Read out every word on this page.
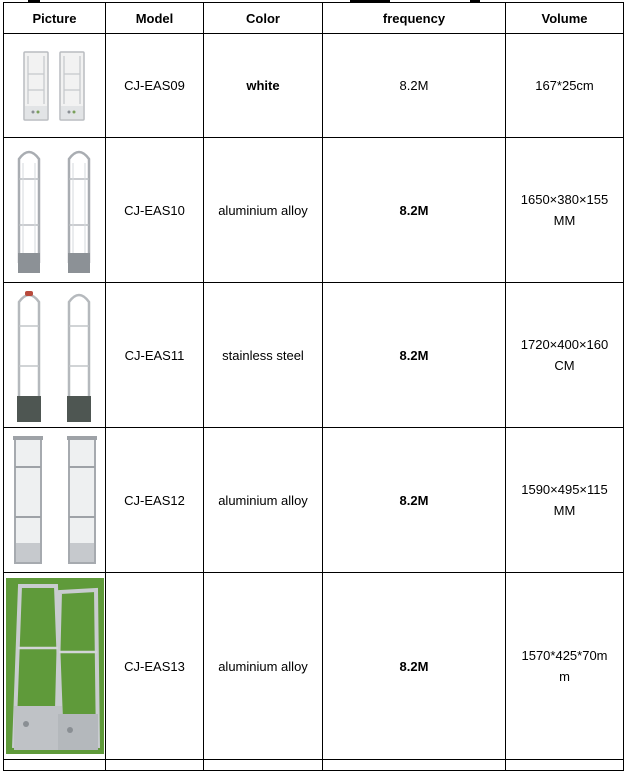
Picture	Model	Color	frequency	Volume

	CJ-EAS09	white	8.2M	167*25cm

	CJ-EAS10	aluminium alloy	8.2M	1650×380×155
MM

	CJ-EAS11	stainless steel	8.2M	1720×400×160
CM

	CJ-EAS12	aluminium alloy	8.2M	1590×495×115
MM

	CJ-EAS13	aluminium alloy	8.2M	1570*425*70m
m
